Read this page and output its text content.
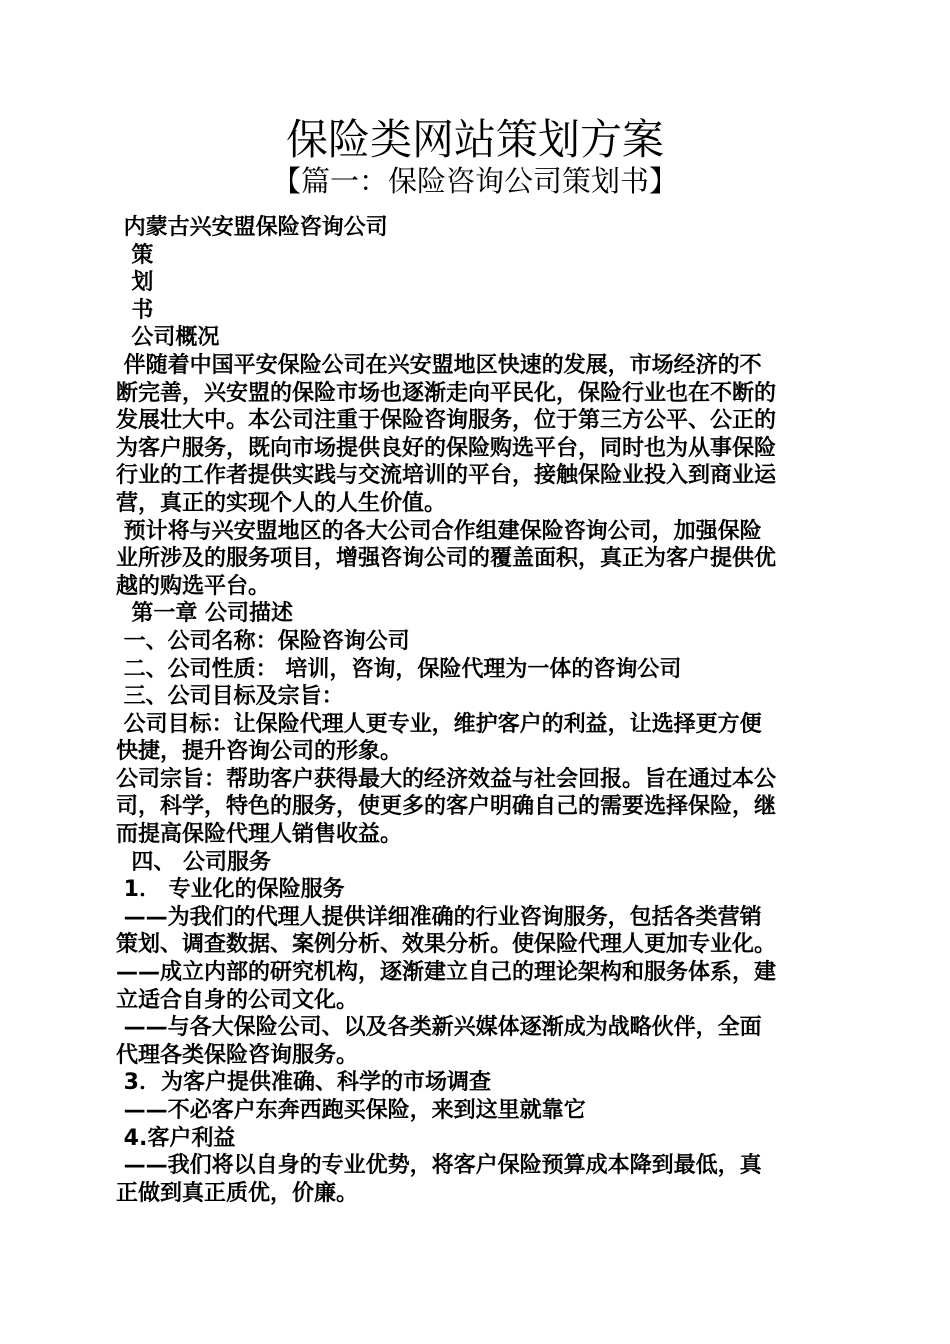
保险类网站策划方案
【篇一：保险咨询公司策划书】
内蒙古兴安盟保险咨询公司
策
划
书
公司概况
伴随着中国平安保险公司在兴安盟地区快速的发展，市场经济的不
断完善，兴安盟的保险市场也逐渐走向平民化，保险行业也在不断的
发展壮大中。本公司注重于保险咨询服务，位于第三方公平、公正的
为客户服务，既向市场提供良好的保险购选平台，同时也为从事保险
行业的工作者提供实践与交流培训的平台，接触保险业投入到商业运
营，真正的实现个人的人生价值。
预计将与兴安盟地区的各大公司合作组建保险咨询公司，加强保险
业所涉及的服务项目，增强咨询公司的覆盖面积，真正为客户提供优
越的购选平台。
第一章 公司描述
一、公司名称：保险咨询公司
二、公司性质： 培训，咨询，保险代理为一体的咨询公司
三、公司目标及宗旨：
公司目标：让保险代理人更专业，维护客户的利益，让选择更方便
快捷，提升咨询公司的形象。
公司宗旨：帮助客户获得最大的经济效益与社会回报。旨在通过本公
司，科学，特色的服务，使更多的客户明确自己的需要选择保险，继
而提高保险代理人销售收益。
四、 公司服务
1． 专业化的保险服务
——为我们的代理人提供详细准确的行业咨询服务，包括各类营销
策划、调查数据、案例分析、效果分析。使保险代理人更加专业化。
——成立内部的研究机构，逐渐建立自己的理论架构和服务体系，建
立适合自身的公司文化。
——与各大保险公司、以及各类新兴媒体逐渐成为战略伙伴，全面
代理各类保险咨询服务。
3．为客户提供准确、科学的市场调查
——不必客户东奔西跑买保险，来到这里就靠它
4.客户利益
——我们将以自身的专业优势，将客户保险预算成本降到最低，真
正做到真正质优，价廉。
